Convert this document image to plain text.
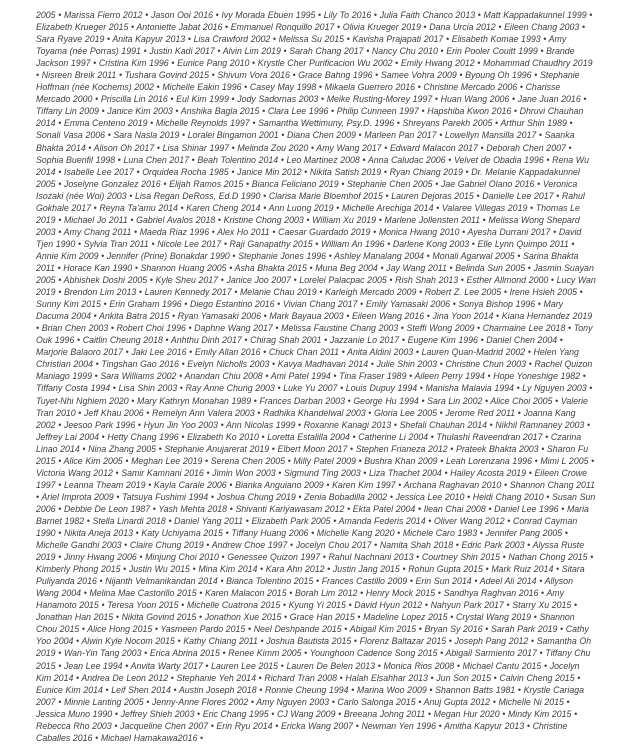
2005 • Marissa Fierro 2012 • Jason Ooi 2016 • Ivy Morada Ebuen 1995 • Lily To 2016 • Julia Faith Chanco 2013 • Matt Kappadakunnel 1999 • Elizabeth Krueger 2015 • Antoniette Jabat 2016 • Emmanuel Ronquillo 2017 • Olivia Krueger 2019 • Dana Urcia 2012 • Eileen Chang 2003 • Sara Ryave 2019 • Anita Kapyur 2013 • Lisa Crawford 2002 • Melissa Su 2015 • Kavisha Prajapati 2017 • Elisabeth Komae 1993 • Amy Toyama (née Porras) 1991 • Justin Kadi 2017 • Alvin Lim 2019 • Sarah Chang 2017 • Nancy Chu 2010 • Erin Pooler Couitt 1999 • Brande Jackson 1997 • Cristina Kim 1996 • Eunice Pang 2010 • Krystle Cher Purificacion Wu 2002 • Emily Hwang 2012 • Mohammad Chaudhry 2019 • Nisreen Breik 2011 • Tushara Govind 2015 • Shivum Vora 2016 • Grace Bahng 1996 • Samee Vohra 2009 • Byoung Oh 1996 • Stephanie Hoffman (née Kochems) 2002 • Michelle Eakin 1996 • Casey May 1998 • Mikaela Guerrero 2016 • Christine Mercado 2006 • Charisse Mercado 2000 • Priscilla Lin 2016 • Eul Kim 1999 • Jody Sadornas 2003 • Meike Rusting-Morey 1997 • Huan Wang 2006 • Jane Juan 2016 • Tiffany Lin 2009 • Janice Kim 2003 • Anshika Bagla 2015 • Clara Lee 1996 • Philip Cunneen 1997 • Hapshiba Kwon 2016 • Dhruvi Chauhan 2014 • Emma Centeno 2019 • Michelle Reynolds 1997 • Samantha Wettimuny, Psy.D. 1996 • Shreyans Parekh 2005 • Arthur Shin 1989 • Sonali Vasa 2006 • Sara Nasla 2019 • Loralei Bingamon 2001 • Diana Chen 2009 • Marleen Pan 2017 • Lowellyn Mansilla 2017 • Saanka Bhakta 2014 • Alison Oh 2017 • Lisa Shinar 1997 • Melinda Zou 2020 • Amy Wang 2017 • Edward Malacon 2017 • Deborah Chen 2007 • Sophia Buenfil 1998 • Luna Chen 2017 • Beah Tolentino 2014 • Leo Martinez 2008 • Anna Caludac 2006 • Velvet de Obadia 1996 • Rena Wu 2014 • Isabelle Lee 2017 • Orquidea Rocha 1985 • Janice Min 2012 • Nikita Satish 2019 • Ryan Chiang 2019 • Dr. Melanie Kappadakunnel 2005 • Joselyne Gonzalez 2016 • Elijah Ramos 2015 • Bianca Feliciano 2019 • Stephanie Chen 2005 • Jae Gabriel Olano 2016 • Veronica Isozaki (née Woi) 2003 • Lisa Regan DeRoss, Ed.D 1990 • Clarisa Marie Bloemhof 2015 • Lauren Dejoras 2015 • Danielle Lee 2017 • Rahul Gokhale 2017 • Reyna Ta'amu 2014 • Karen Cheng 2014 • Ann Luong 2019 • Michelle Arechiga 2014 • Valaree Villegas 2019 • Thomas Le 2019 • Michael Jo 2011 • Gabriel Avalos 2018 • Kristine Chong 2003 • William Xu 2019 • Marlene Jollensten 2011 • Melissa Wong Shepard 2003 • Amy Chang 2011 • Maeda Riaz 1996 • Alex Ho 2011 • Caesar Guardado 2019 • Monica Hwang 2010 • Ayesha Durrani 2017 • David Tjen 1990 • Sylvia Tran 2011 • Nicole Lee 2017 • Raji Ganapathy 2015 • William An 1996 • Darlene Kong 2003 • Elle Lynn Quimpo 2011 • Annie Kim 2009 • Jennifer (Prine) Bonakdar 1990 • Stephanie Jones 1996 • Ashley Manalang 2004 • Monali Agarwal 2005 • Sarina Bhakta 2011 • Horace Kan 1990 • Shannon Huang 2005 • Asha Bhakta 2015 • Muna Beg 2004 • Jay Wang 2011 • Belinda Sun 2005 • Jasmin Suayan 2005 • Abhishek Doshi 2005 • Kyle Sheu 2017 • Janice Joo 2007 • Lorelei Palacpac 2005 • Rish Shah 2013 • Esther Allmond 2000 • Lucy Wan 2019 • Brendon Lim 2013 • Lauren Kennedy 2017 • Melanie Chau 2019 • Karleigh Mercado 2009 • Robert Z. Lee 2005 • Irene Hsieh 2005 • Sunny Kim 2015 • Erin Graham 1996 • Diego Estantino 2016 • Vivian Chang 2017 • Emily Yamasaki 2006 • Sonya Bishop 1996 • Mary Dacuma 2004 • Ankita Batra 2015 • Ryan Yamasaki 2006 • Mark Bayaua 2003 • Eileen Wang 2016 • Jina Yoon 2014 • Kiana Hernandez 2019 • Brian Chen 2003 • Robert Choi 1996 • Daphne Wang 2017 • Melissa Faustine Chang 2003 • Steffi Wong 2009 • Charmaine Lee 2018 • Tony Ouk 1996 • Caitlin Cheung 2018 • Anhthu Dinh 2017 • Chirag Shah 2001 • Jazzanie Lo 2017 • Eugene Kim 1996 • Daniel Chen 2004 • Marjorie Balaoro 2017 • Jaki Lee 2016 • Emily Allan 2016 • Chuck Chan 2011 • Anita Aldini 2003 • Lauren Quan-Madrid 2002 • Helen Yang Christian 2004 • Tingshan Gao 2016 • Evelyn Nicholls 2003 • Kavya Madhavan 2014 • Julie Shin 2003 • Christine Chun 2003 • Rachel Quizon Maniago 1999 • Sara Williams 2002 • Anandan Chiu 2008 • Ami Patel 1994 • Tina Fraser 1989 • Aileen Perry 1994 • Hope Yoneshige 1982 • Tiffany Costa 1994 • Lisa Shin 2003 • Ray Anne Chung 2003 • Luke Yu 2007 • Louis Dupuy 1994 • Manisha Malavia 1994 • Ly Nguyen 2003 • Tuyet-Nhi Nghiem 2020 • Mary Kathryn Monahan 1989 • Frances Darban 2003 • George Hu 1994 • Sara Lin 2002 • Alice Choi 2005 • Valerie Tran 2010 • Jeff Khau 2006 • Remelyn Ann Valera 2003 • Radhika Khandelwal 2003 • Gloria Lee 2005 • Jerome Red 2011 • Joanna Kang 2002 • Jeesoo Park 1996 • Hyun Jin Yoo 2003 • Ann Nicolas 1999 • Roxanne Kanagi 2013 • Shefali Chauhan 2014 • Nikhil Ramnaney 2003 • Jeffrey Lai 2004 • Hetty Chang 1996 • Elizabeth Ko 2010 • Loretta Estalilla 2004 • Catherine Li 2004 • Thulashi Raveendran 2017 • Czarina Linao 2014 • Nina Zhang 2005 • Stephanie Anujarerat 2019 • Elbert Moon 2017 • Stephen Frianeza 2012 • Prateek Bhakta 2003 • Sharon Fu 2015 • Alice Kim 2005 • Meghan Lee 2019 • Serena Chen 2005 • Milly Patel 2009 • Bushra Khan 2009 • Leah Lorenzana 1996 • Mimi L 2005 • Victoria Wang 2012 • Samir Kamnani 2016 • Jimin Won 2003 • Sigmund Ting 2003 • Liza Thachet 2004 • Hailey Acosta 2019 • Eileen Crowe 1997 • Leanna Theam 2019 • Kayla Carale 2006 • Bianka Anguiano 2009 • Karen Kim 1997 • Archana Raghavan 2010 • Shannon Chang 2011 • Ariel Improta 2009 • Tatsuya Fushimi 1994 • Joshua Chung 2019 • Zenia Bobadilla 2002 • Jessica Lee 2010 • Heidi Chang 2010 • Susan Sun 2006 • Debbie De Leon 1987 • Yash Mehta 2018 • Shivanti Kariyawasam 2012 • Ekta Patel 2004 • Ilean Chai 2008 • Daniel Lee 1996 • Maria Barnet 1982 • Stella Linardi 2018 • Daniel Yang 2011 • Elizabeth Park 2005 • Amanda Federis 2014 • Oliver Wang 2012 • Conrad Cayman 1990 • Nikita Aneja 2013 • Katy Uchiyama 2015 • Tiffany Huang 2006 • Michelle Kang 2020 • Michele Caro 1983 • Jennifer Pang 2005 • Michelle Gandhi 2003 • Claire Chung 2019 • Andrew Choe 1997 • Jocelyn Chou 2017 • Namita Shah 2018 • Edric Park 2003 • Alyssa Ruste 2019 • Jinny Hwang 2006 • Minjung Choi 2010 • Genessee Quizon 1997 • Rahul Nachnani 2013 • Courtney Shin 2015 • Nathan Chong 2015 • Kimberly Phong 2015 • Justin Wu 2015 • Mina Kim 2014 • Kara Ahn 2012 • Justin Jang 2015 • Rohun Gupta 2015 • Mark Ruiz 2014 • Sitara Puliyanda 2016 • Nijanth Velmanikandan 2014 • Bianca Tolentino 2015 • Frances Castillo 2009 • Erin Sun 2014 • Adeel Ali 2014 • Allyson Wang 2004 • Melina Mae Castorillo 2015 • Karen Malacon 2015 • Borah Lim 2012 • Henry Mock 2015 • Sandhya Raghvan 2016 • Amy Hanamoto 2015 • Teresa Yoon 2015 • Michelle Cuatrona 2015 • Kyung Yi 2015 • David Hyun 2012 • Nahyun Park 2017 • Starry Xu 2015 • Jonathan Han 2015 • Nikita Govind 2015 • Jonathon Xue 2015 • Grace Han 2015 • Madeline Lopez 2015 • Crystal Wang 2019 • Shannon Chou 2015 • Alice Hong 2015 • Yasmeen Pardo 2015 • Neel Deshpande 2015 • Abigail Kim 2015 • Bryan Sy 2016 • Sarah Park 2019 • Cathy Yoo 2004 • Alwin Kyle Nocom 2015 • Kathy Chiang 2011 • Joshua Bautista 2015 • Florenz Baltazar 2015 • Joseph Pang 2012 • Samantha Oh 2019 • Wan-Yin Tang 2003 • Erica Abrina 2015 • Renee Kimm 2005 • Younghoon Cadence Song 2015 • Abigail Sarmiento 2017 • Tiffany Chu 2015 • Jean Lee 1994 • Anvita Warty 2017 • Lauren Lee 2015 • Lauren De Belen 2013 • Monica Rios 2008 • Michael Cantu 2015 • Jocelyn Kim 2014 • Andrea De Leon 2012 • Stephanie Yeh 2014 • Richard Tran 2008 • Halah Elsahhar 2013 • Jun Son 2015 • Calvin Cheng 2015 • Eunice Kim 2014 • Leif Shen 2014 • Austin Joseph 2018 • Ronnie Cheung 1994 • Marina Woo 2009 • Shannon Batts 1981 • Krystle Cariaga 2007 • Minnie Lanting 2005 • Jenny-Anne Flores 2002 • Amy Nguyen 2003 • Carlo Salonga 2015 • Anuj Gupta 2012 • Michelle Ni 2015 • Jessica Muno 1990 • Jeffrey Shieh 2003 • Eric Chang 1995 • CJ Wang 2009 • Breeana Johng 2011 • Megan Hur 2020 • Mindy Kim 2015 • Rebecca Rho 2003 • Jacqueline Chen 2007 • Erin Ryu 2014 • Ericka Wang 2007 • Newman Yen 1996 • Amitha Kapyur 2013 • Christine Caballes 2016 • Michael Hamakawa2016 •
